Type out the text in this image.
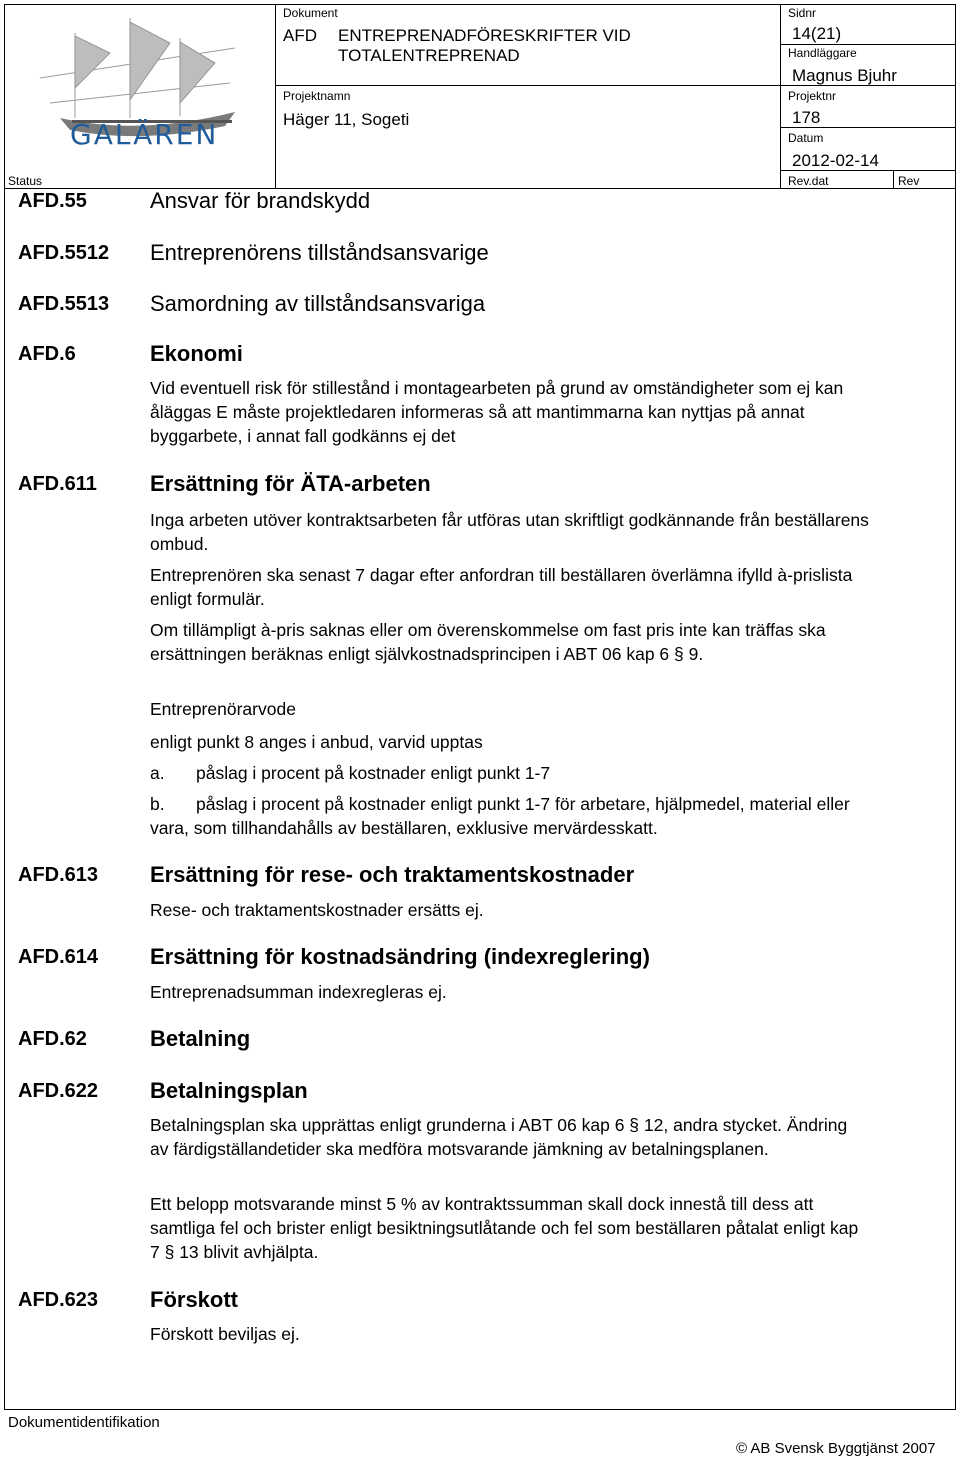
GALÄREN
Status
Dokument
AFD ENTREPRENADFÖRESKRIFTER VID
TOTALENTREPRENAD
Sidnr
14(21)
Handläggare
Magnus Bjuhr
Projektnamn
Häger 11, Sogeti
Projektnr
178
Datum
2012-02-14
Rev.dat	Rev
AFD.55	Ansvar för brandskydd
AFD.5512 Entreprenörens tillståndsansvarige
AFD.5513 Samordning av tillståndsansvariga
AFD.6	Ekonomi

Vid eventuell risk för stillestånd i montagearbeten på grund av omständigheter som ej kan åläggas E måste projektledaren informeras så att mantimmarna kan nyttjas på annat byggarbete, i annat fall godkänns ej det

AFD.611 Ersättning för ÄTA-arbeten

Inga arbeten utöver kontraktsarbeten får utföras utan skriftligt godkännande från beställarens ombud.

Entreprenören ska senast 7 dagar efter anfordran till beställaren överlämna ifylld à-prislista enligt formulär.

Om tillämpligt à-pris saknas eller om överenskommelse om fast pris inte kan träffas ska ersättningen beräknas enligt självkostnadsprincipen i ABT 06 kap 6 § 9.

Entreprenörarvode

enligt punkt 8 anges i anbud, varvid upptas

a. påslag i procent på kostnader enligt punkt 1-7
b. påslag i procent på kostnader enligt punkt 1-7 för arbetare, hjälpmedel, material eller vara, som tillhandahålls av beställaren, exklusive mervärdesskatt.
AFD.613 Ersättning för rese- och traktamentskostnader

Rese- och traktamentskostnader ersätts ej.

AFD.614 Ersättning för kostnadsändring (indexreglering)

Entreprenadsumman indexregleras ej.

AFD.62	Betalning
AFD.622 Betalningsplan

Betalningsplan ska upprättas enligt grunderna i ABT 06 kap 6 § 12, andra stycket. Ändring av färdigställandetider ska medföra motsvarande jämkning av betalningsplanen.

Ett belopp motsvarande minst 5 % av kontraktssumman skall dock innestå till dess att samtliga fel och brister enligt besiktningsutlåtande och fel som beställaren påtalat enligt kap 7 § 13 blivit avhjälpta.

AFD.623 Förskott

Förskott beviljas ej.

Dokumentidentifikation
© AB Svensk Byggtjänst 2007
